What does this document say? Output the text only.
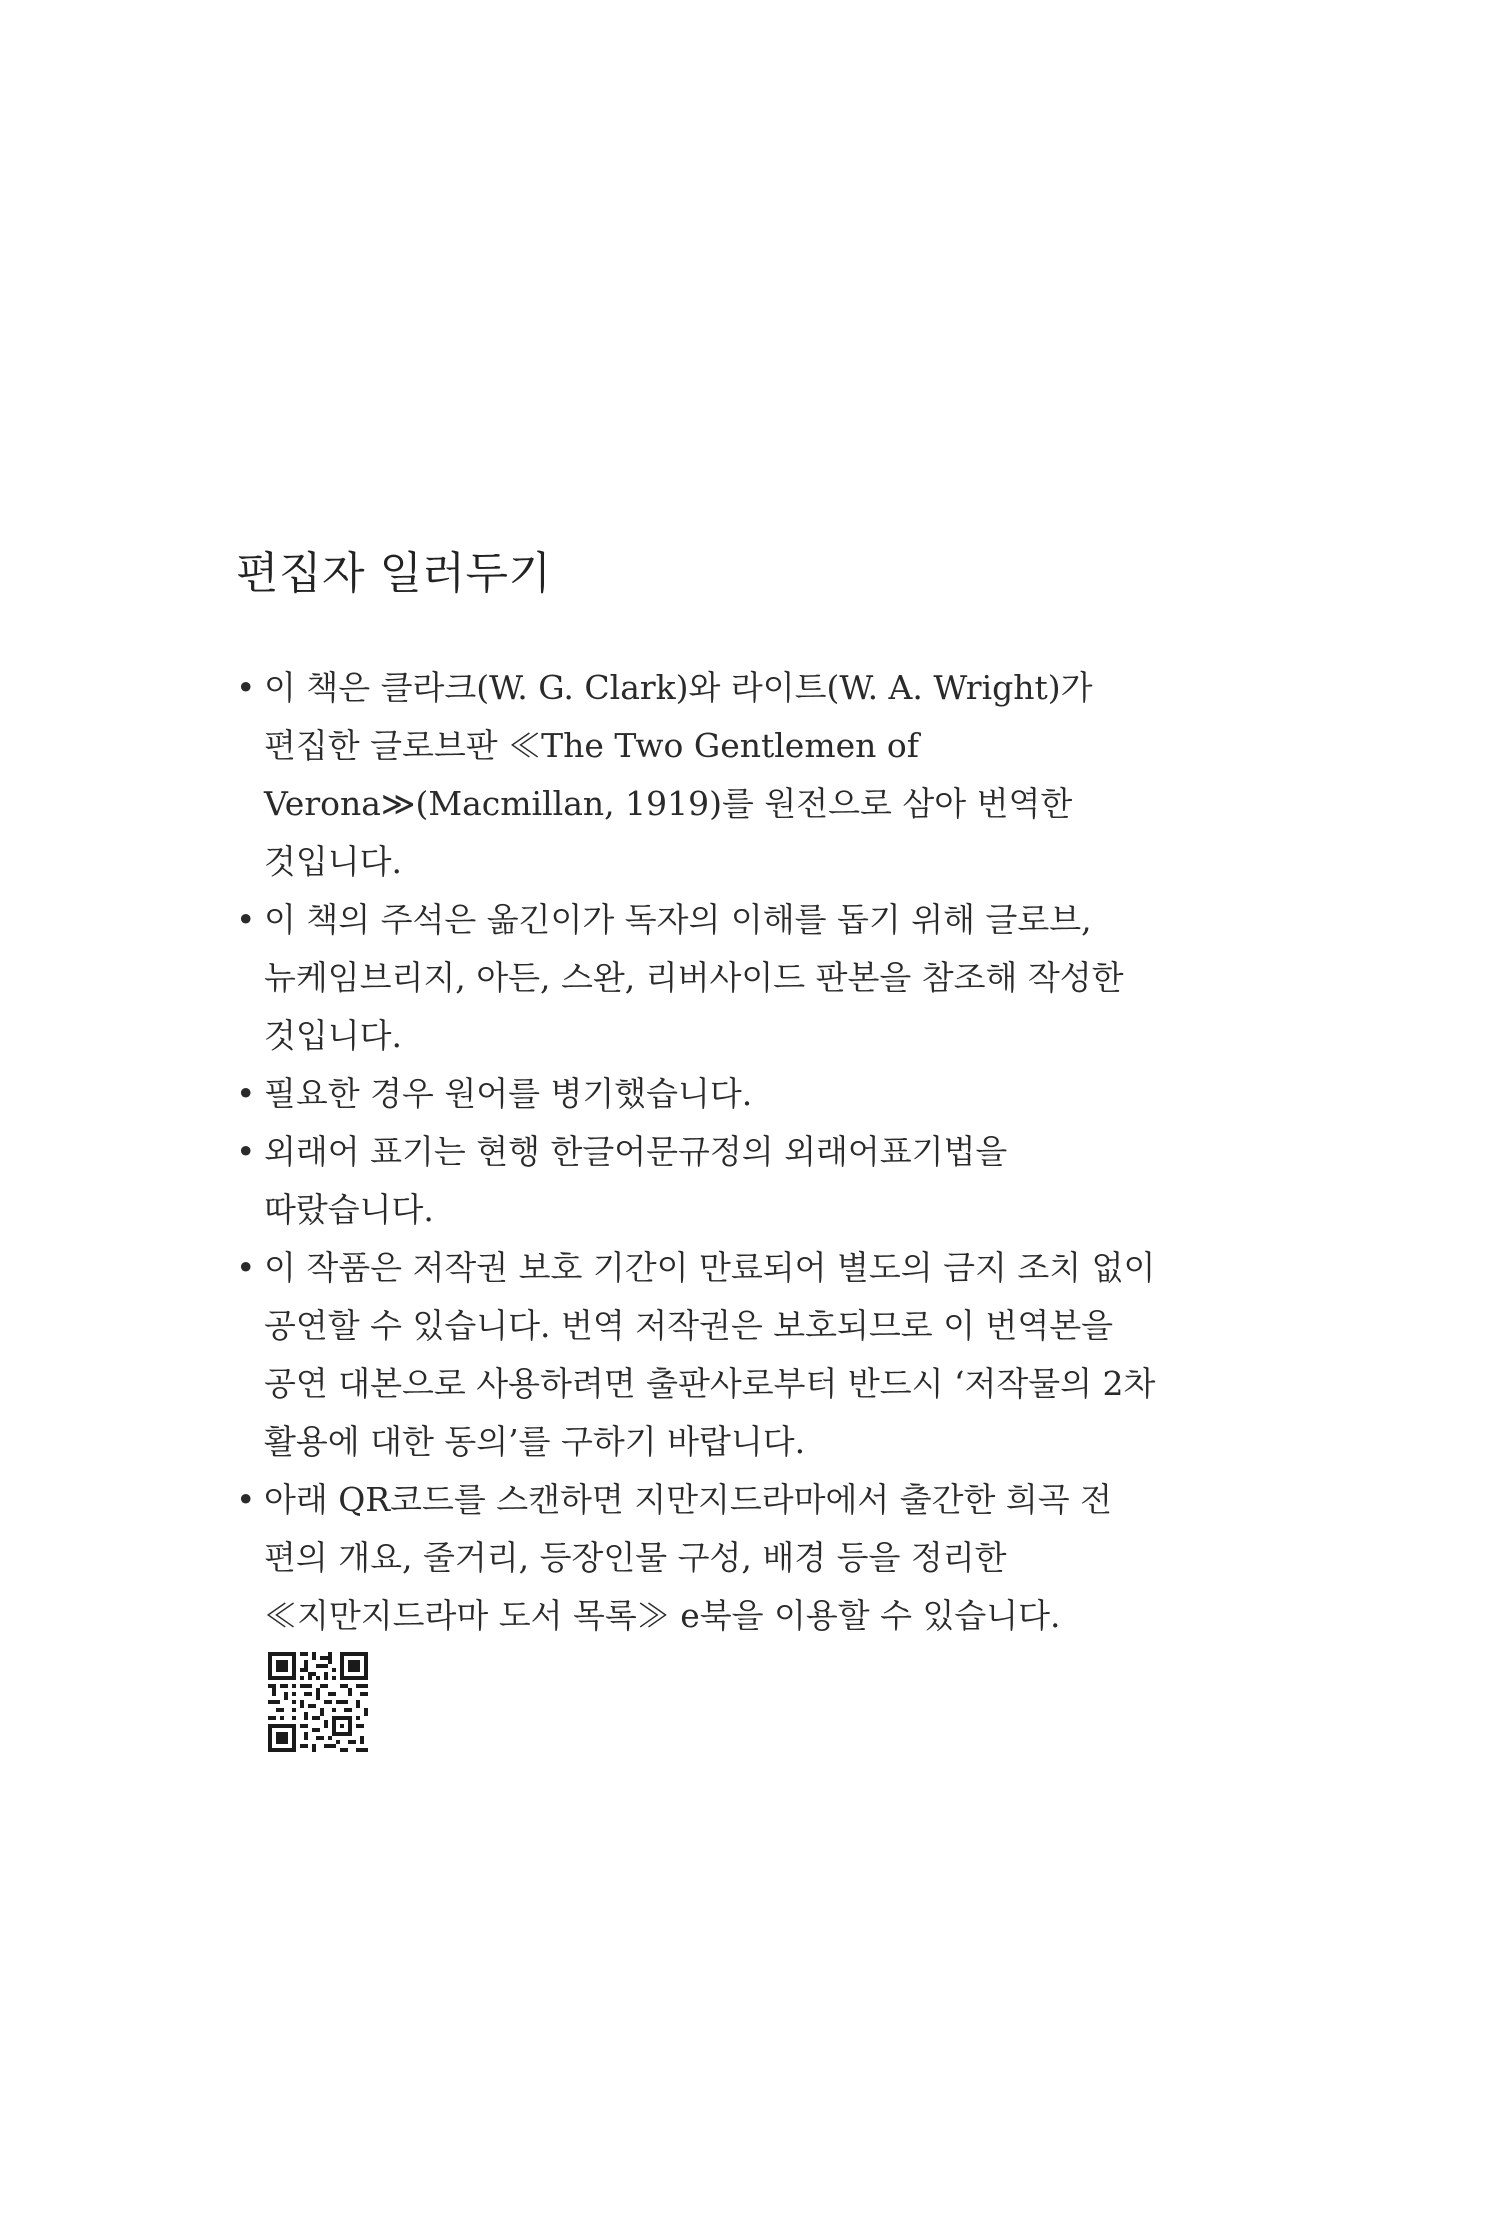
편집자 일러두기
• 이 책은 클라크(W. G. Clark)와 라이트(W. A. Wright)가
편집한 글로브판 ≪The Two Gentlemen of
Verona≫(Macmillan, 1919)를 원전으로 삼아 번역한
것입니다.
• 이 책의 주석은 옮긴이가 독자의 이해를 돕기 위해 글로브,
뉴케임브리지, 아든, 스완, 리버사이드 판본을 참조해 작성한
것입니다.
• 필요한 경우 원어를 병기했습니다.
• 외래어 표기는 현행 한글어문규정의 외래어표기법을
따랐습니다.
• 이 작품은 저작권 보호 기간이 만료되어 별도의 금지 조치 없이
공연할 수 있습니다. 번역 저작권은 보호되므로 이 번역본을
공연 대본으로 사용하려면 출판사로부터 반드시 ‘저작물의 2차
활용에 대한 동의’를 구하기 바랍니다.
• 아래 QR코드를 스캔하면 지만지드라마에서 출간한 희곡 전
편의 개요, 줄거리, 등장인물 구성, 배경 등을 정리한
≪지만지드라마 도서 목록≫ e북을 이용할 수 있습니다.
